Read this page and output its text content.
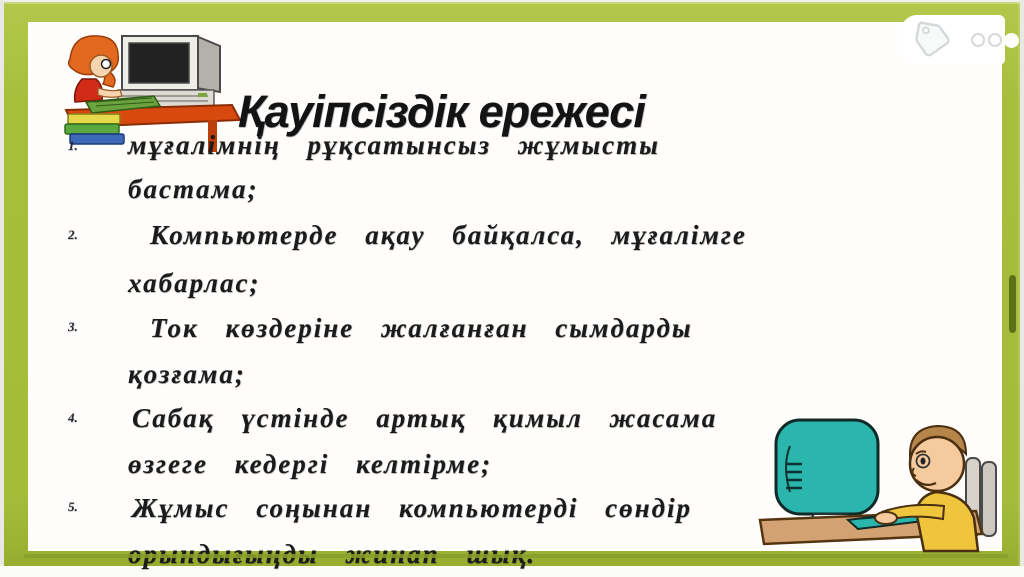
Қауіпсіздік ережесі
1. мұғалімнің рұқсатынсыз жұмысты
бастама;
2.	Компьютерде ақау байқалса, мұғалімге
хабарлас;
3.	Ток көздеріне жалғанған сымдарды
қозғама;
4. Сабақ үстінде артық қимыл жасама
өзгеге кедергі келтірме;
5. Жұмыс соңынан компьютерді сөндір
